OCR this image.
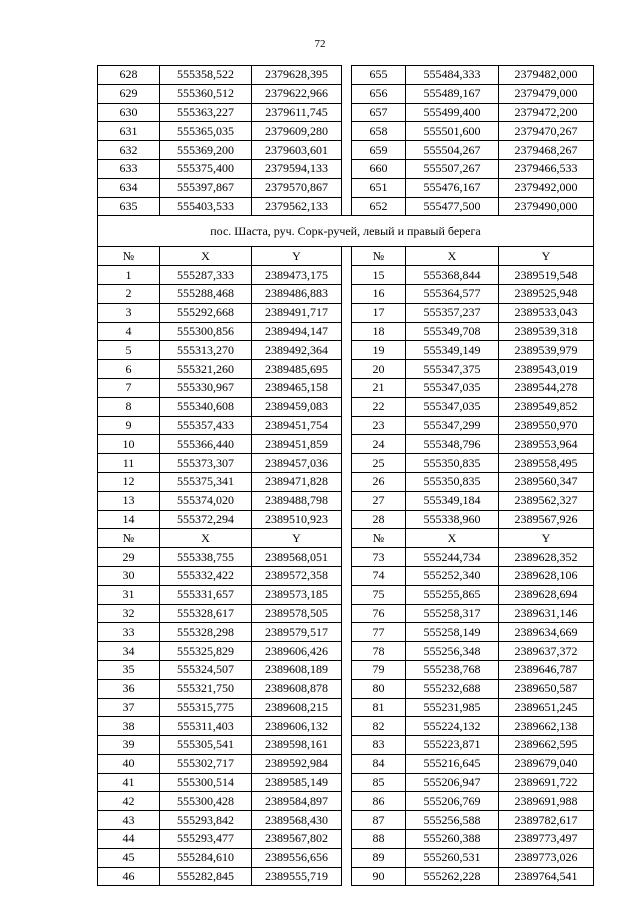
72
628	555358,522	2379628,395		655	555484,333	2379482,000
629	555360,512	2379622,966		656	555489,167	2379479,000
630	555363,227	2379611,745		657	555499,400	2379472,200
631	555365,035	2379609,280		658	555501,600	2379470,267
632	555369,200	2379603,601		659	555504,267	2379468,267
633	555375,400	2379594,133		660	555507,267	2379466,533
634	555397,867	2379570,867		651	555476,167	2379492,000
635	555403,533	2379562,133		652	555477,500	2379490,000
пос. Шаста, руч. Сорк-ручей, левый и правый берега						
№	X	Y		№	X	Y
1	555287,333	2389473,175		15	555368,844	2389519,548
2	555288,468	2389486,883		16	555364,577	2389525,948
3	555292,668	2389491,717		17	555357,237	2389533,043
4	555300,856	2389494,147		18	555349,708	2389539,318
5	555313,270	2389492,364		19	555349,149	2389539,979
6	555321,260	2389485,695		20	555347,375	2389543,019
7	555330,967	2389465,158		21	555347,035	2389544,278
8	555340,608	2389459,083		22	555347,035	2389549,852
9	555357,433	2389451,754		23	555347,299	2389550,970
10	555366,440	2389451,859		24	555348,796	2389553,964
11	555373,307	2389457,036		25	555350,835	2389558,495
12	555375,341	2389471,828		26	555350,835	2389560,347
13	555374,020	2389488,798		27	555349,184	2389562,327
14	555372,294	2389510,923		28	555338,960	2389567,926
№	X	Y		№	X	Y
29	555338,755	2389568,051		73	555244,734	2389628,352
30	555332,422	2389572,358		74	555252,340	2389628,106
31	555331,657	2389573,185		75	555255,865	2389628,694
32	555328,617	2389578,505		76	555258,317	2389631,146
33	555328,298	2389579,517		77	555258,149	2389634,669
34	555325,829	2389606,426		78	555256,348	2389637,372
35	555324,507	2389608,189		79	555238,768	2389646,787
36	555321,750	2389608,878		80	555232,688	2389650,587
37	555315,775	2389608,215		81	555231,985	2389651,245
38	555311,403	2389606,132		82	555224,132	2389662,138
39	555305,541	2389598,161		83	555223,871	2389662,595
40	555302,717	2389592,984		84	555216,645	2389679,040
41	555300,514	2389585,149		85	555206,947	2389691,722
42	555300,428	2389584,897		86	555206,769	2389691,988
43	555293,842	2389568,430		87	555256,588	2389782,617
44	555293,477	2389567,802		88	555260,388	2389773,497
45	555284,610	2389556,656		89	555260,531	2389773,026
46	555282,845	2389555,719		90	555262,228	2389764,541
